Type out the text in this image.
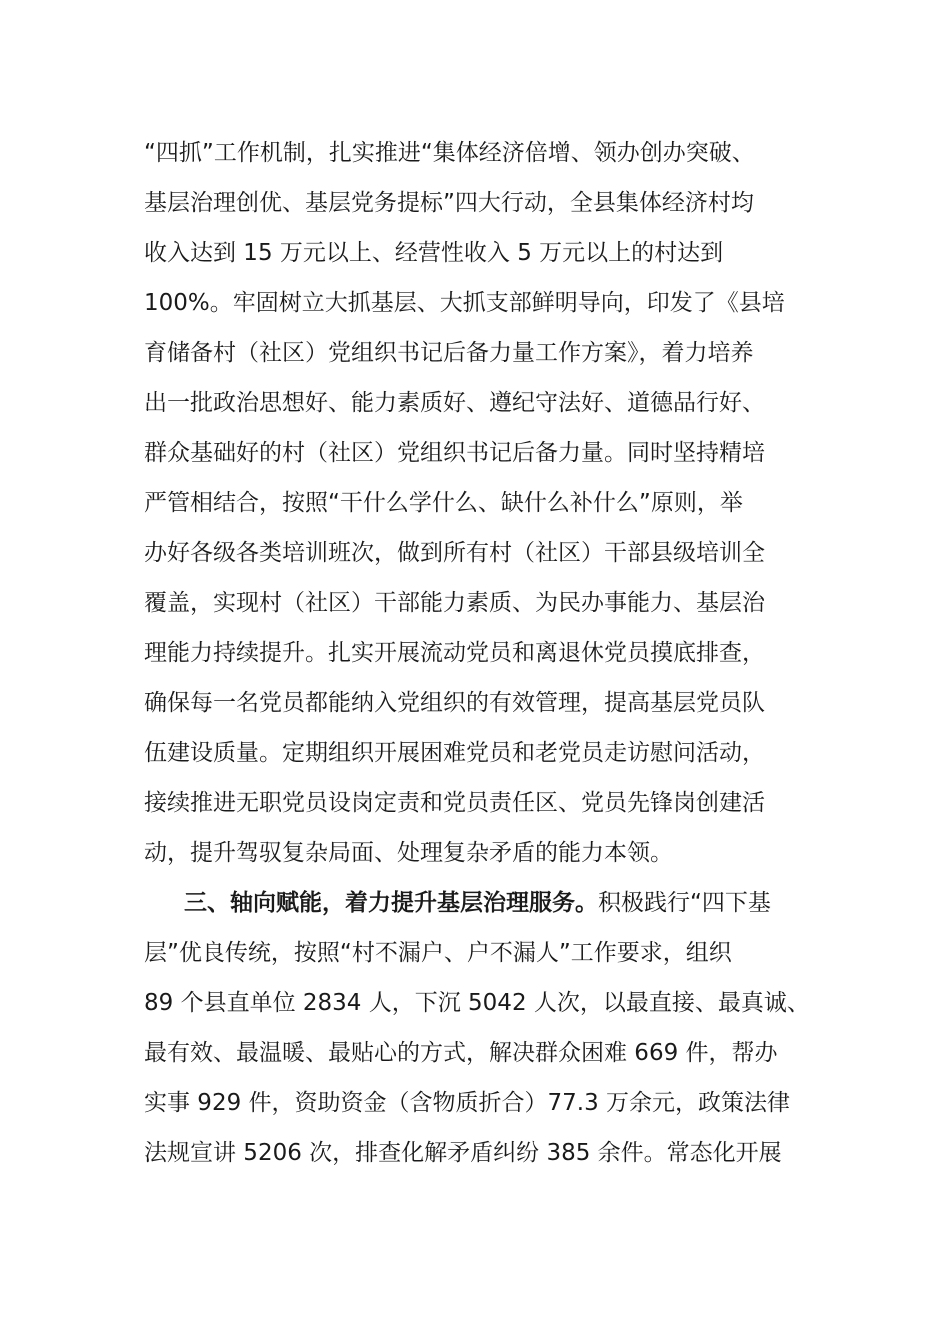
“四抓”工作机制，扎实推进“集体经济倍增、领办创办突破、
基层治理创优、基层党务提标”四大行动，全县集体经济村均
收入达到 15 万元以上、经营性收入 5 万元以上的村达到
100%。牢固树立大抓基层、大抓支部鲜明导向，印发了《县培
育储备村（社区）党组织书记后备力量工作方案》，着力培养
出一批政治思想好、能力素质好、遵纪守法好、道德品行好、
群众基础好的村（社区）党组织书记后备力量。同时坚持精培
严管相结合，按照“干什么学什么、缺什么补什么”原则，举
办好各级各类培训班次，做到所有村（社区）干部县级培训全
覆盖，实现村（社区）干部能力素质、为民办事能力、基层治
理能力持续提升。扎实开展流动党员和离退休党员摸底排查，
确保每一名党员都能纳入党组织的有效管理，提高基层党员队
伍建设质量。定期组织开展困难党员和老党员走访慰问活动，
接续推进无职党员设岗定责和党员责任区、党员先锋岗创建活
动，提升驾驭复杂局面、处理复杂矛盾的能力本领。
三、轴向赋能，着力提升基层治理服务。积极践行“四下基
层”优良传统，按照“村不漏户、户不漏人”工作要求，组织
89 个县直单位 2834 人，下沉 5042 人次，以最直接、最真诚、
最有效、最温暖、最贴心的方式，解决群众困难 669 件，帮办
实事 929 件，资助资金（含物质折合）77.3 万余元，政策法律
法规宣讲 5206 次，排查化解矛盾纠纷 385 余件。常态化开展
